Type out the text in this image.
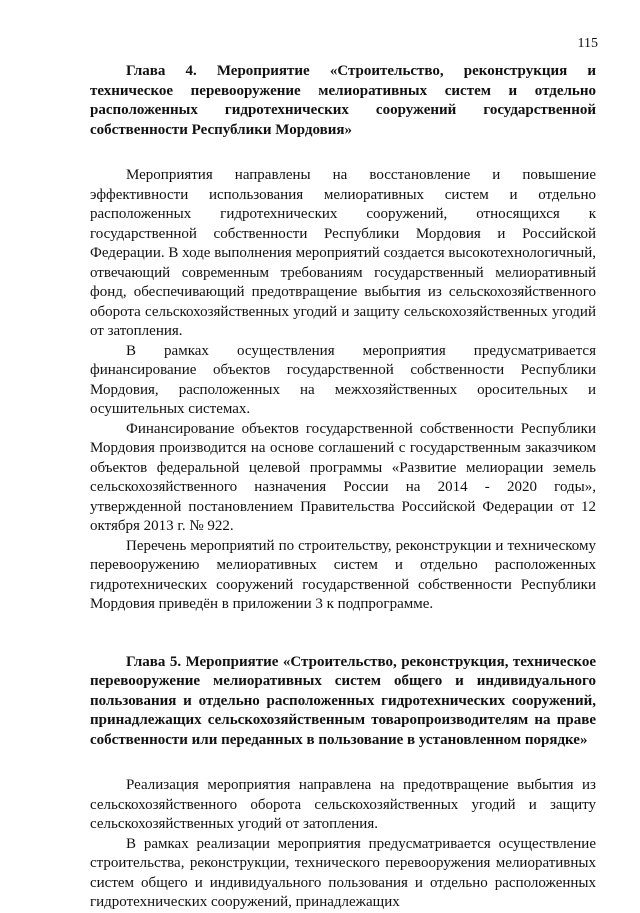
115

Глава 4. Мероприятие «Строительство, реконструкция и техническое перевооружение мелиоративных систем и отдельно расположенных гидротехнических сооружений государственной собственности Республики Мордовия»

Мероприятия направлены на восстановление и повышение эффективности использования мелиоративных систем и отдельно расположенных гидротехнических сооружений, относящихся к государственной собственности Республики Мордовия и Российской Федерации. В ходе выполнения мероприятий создается высокотехнологичный, отвечающий современным требованиям государственный мелиоративный фонд, обеспечивающий предотвращение выбытия из сельскохозяйственного оборота сельскохозяйственных угодий и защиту сельскохозяйственных угодий от затопления.

В рамках осуществления мероприятия предусматривается финансирование объектов государственной собственности Республики Мордовия, расположенных на межхозяйственных оросительных и осушительных системах.

Финансирование объектов государственной собственности Республики Мордовия производится на основе соглашений с государственным заказчиком объектов федеральной целевой программы «Развитие мелиорации земель сельскохозяйственного назначения России на 2014 - 2020 годы», утвержденной постановлением Правительства Российской Федерации от 12 октября 2013 г. № 922.

Перечень мероприятий по строительству, реконструкции и техническому перевооружению мелиоративных систем и отдельно расположенных гидротехнических сооружений государственной собственности Республики Мордовия приведён в приложении 3 к подпрограмме.

Глава 5. Мероприятие «Строительство, реконструкция, техническое перевооружение мелиоративных систем общего и индивидуального пользования и отдельно расположенных гидротехнических сооружений, принадлежащих сельскохозяйственным товаропроизводителям на праве собственности или переданных в пользование в установленном порядке»

Реализация мероприятия направлена на предотвращение выбытия из сельскохозяйственного оборота сельскохозяйственных угодий и защиту сельскохозяйственных угодий от затопления.

В рамках реализации мероприятия предусматривается осуществление строительства, реконструкции, технического перевооружения мелиоративных систем общего и индивидуального пользования и отдельно расположенных гидротехнических сооружений, принадлежащих
